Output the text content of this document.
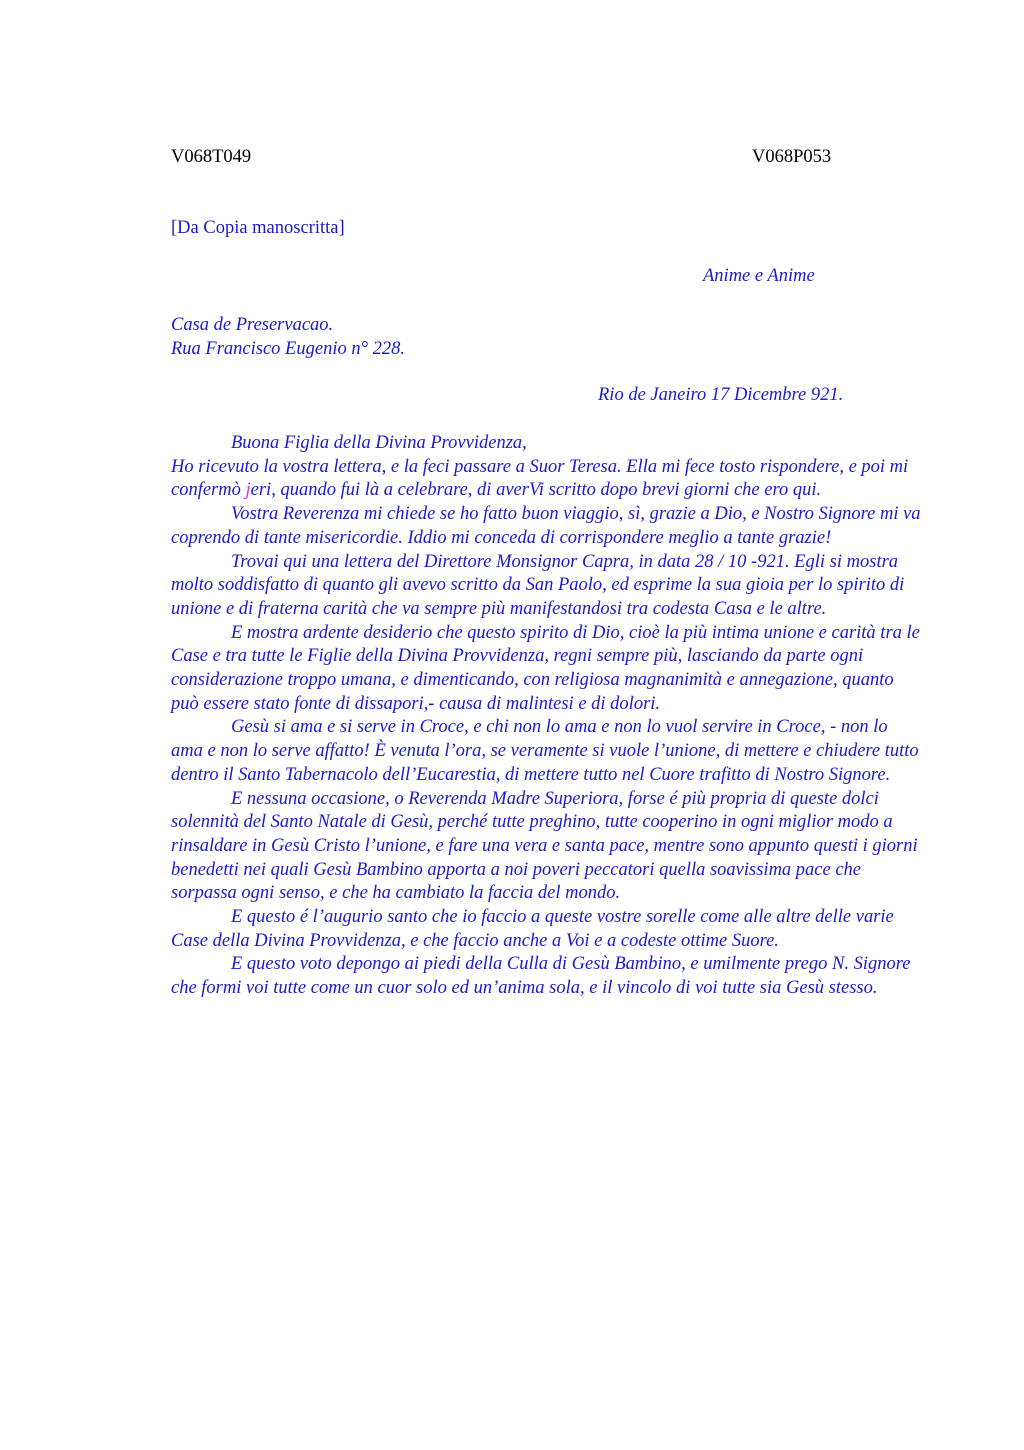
V068T049	V068P053
[Da Copia manoscritta]
Anime e Anime
Casa de Preservacao.
Rua Francisco Eugenio n° 228.
Rio de Janeiro 17 Dicembre 921.

Buona Figlia della Divina Provvidenza,

Ho ricevuto la vostra lettera, e la feci passare a Suor Teresa. Ella mi fece tosto rispondere, e poi mi confermò jeri, quando fui là a celebrare, di averVi scritto dopo brevi giorni che ero qui.

Vostra Reverenza mi chiede se ho fatto buon viaggio, sì, grazie a Dio, e Nostro Signore mi va coprendo di tante misericordie. Iddio mi conceda di corrispondere meglio a tante grazie!

Trovai qui una lettera del Direttore Monsignor Capra, in data 28 / 10 -921. Egli si mostra molto soddisfatto di quanto gli avevo scritto da San Paolo, ed esprime la sua gioia per lo spirito di unione e di fraterna carità che va sempre più manifestandosi tra codesta Casa e le altre.

E mostra ardente desiderio che questo spirito di Dio, cioè la più intima unione e carità tra le Case e tra tutte le Figlie della Divina Provvidenza, regni sempre più, lasciando da parte ogni considerazione troppo umana, e dimenticando, con religiosa magnanimità e annegazione, quanto può essere stato fonte di dissapori,- causa di malintesi e di dolori.

Gesù si ama e si serve in Croce, e chi non lo ama e non lo vuol servire in Croce, - non lo ama e non lo serve affatto! È venuta l’ora, se veramente si vuole l’unione, di mettere e chiudere tutto dentro il Santo Tabernacolo dell’Eucarestia, di mettere tutto nel Cuore trafitto di Nostro Signore.

E nessuna occasione, o Reverenda Madre Superiora, forse é più propria di queste dolci solennità del Santo Natale di Gesù, perché tutte preghino, tutte cooperino in ogni miglior modo a rinsaldare in Gesù Cristo l’unione, e fare una vera e santa pace, mentre sono appunto questi i giorni benedetti nei quali Gesù Bambino apporta a noi poveri peccatori quella soavissima pace che sorpassa ogni senso, e che ha cambiato la faccia del mondo.

E questo é l’augurio santo che io faccio a queste vostre sorelle come alle altre delle varie Case della Divina Provvidenza, e che faccio anche a Voi e a codeste ottime Suore.

E questo voto depongo ai piedi della Culla di Gesù Bambino, e umilmente prego N. Signore che formi voi tutte come un cuor solo ed un’anima sola, e il vincolo di voi tutte sia Gesù stesso.
